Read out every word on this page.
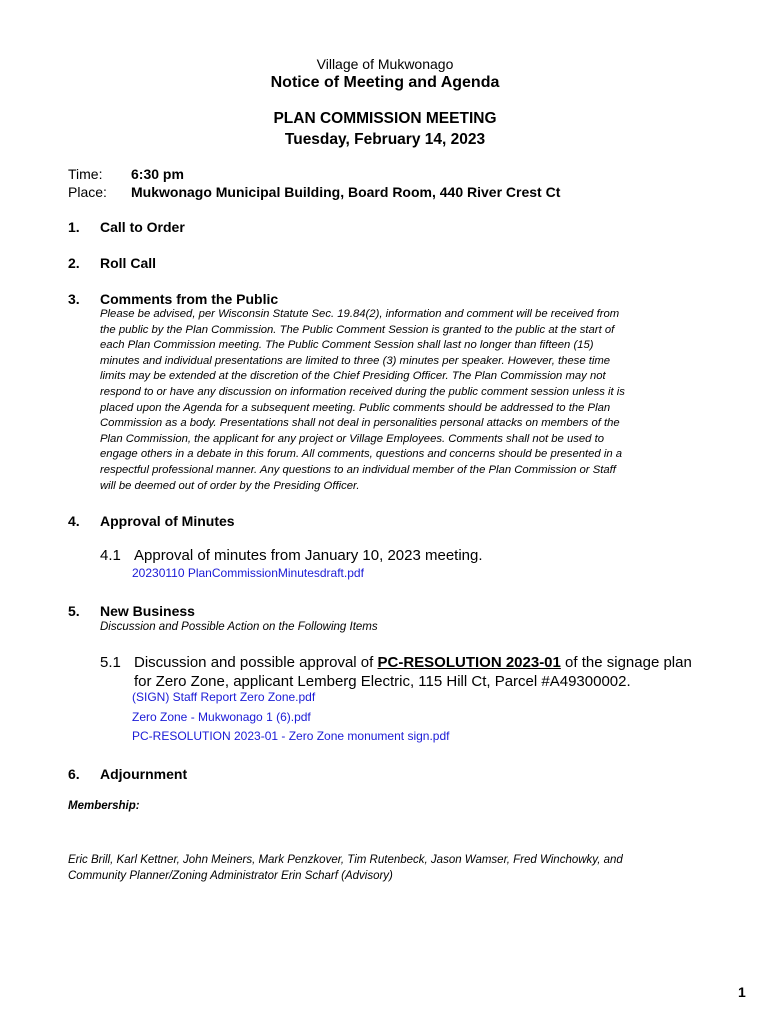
Village of Mukwonago
Notice of Meeting and Agenda
PLAN COMMISSION MEETING
Tuesday, February 14, 2023
Time: 6:30 pm
Place: Mukwonago Municipal Building, Board Room, 440 River Crest Ct
1. Call to Order
2. Roll Call
3. Comments from the Public
Please be advised, per Wisconsin Statute Sec. 19.84(2), information and comment will be received from
the public by the Plan Commission. The Public Comment Session is granted to the public at the start of
each Plan Commission meeting. The Public Comment Session shall last no longer than fifteen (15)
minutes and individual presentations are limited to three (3) minutes per speaker. However, these time
limits may be extended at the discretion of the Chief Presiding Officer. The Plan Commission may not
respond to or have any discussion on information received during the public comment session unless it is
placed upon the Agenda for a subsequent meeting. Public comments should be addressed to the Plan
Commission as a body. Presentations shall not deal in personalities personal attacks on members of the
Plan Commission, the applicant for any project or Village Employees. Comments shall not be used to
engage others in a debate in this forum. All comments, questions and concerns should be presented in a
respectful professional manner. Any questions to an individual member of the Plan Commission or Staff
will be deemed out of order by the Presiding Officer.
4. Approval of Minutes
4.1 Approval of minutes from January 10, 2023 meeting.
20230110 PlanCommissionMinutesdraft.pdf
5. New Business
Discussion and Possible Action on the Following Items
5.1 Discussion and possible approval of PC-RESOLUTION 2023-01 of the signage plan
for Zero Zone, applicant Lemberg Electric, 115 Hill Ct, Parcel #A49300002.
(SIGN) Staff Report Zero Zone.pdf
Zero Zone - Mukwonago 1 (6).pdf
PC-RESOLUTION 2023-01 - Zero Zone monument sign.pdf
6. Adjournment
Membership:
Eric Brill, Karl Kettner, John Meiners, Mark Penzkover, Tim Rutenbeck, Jason Wamser, Fred Winchowky, and
Community Planner/Zoning Administrator Erin Scharf (Advisory)
1
